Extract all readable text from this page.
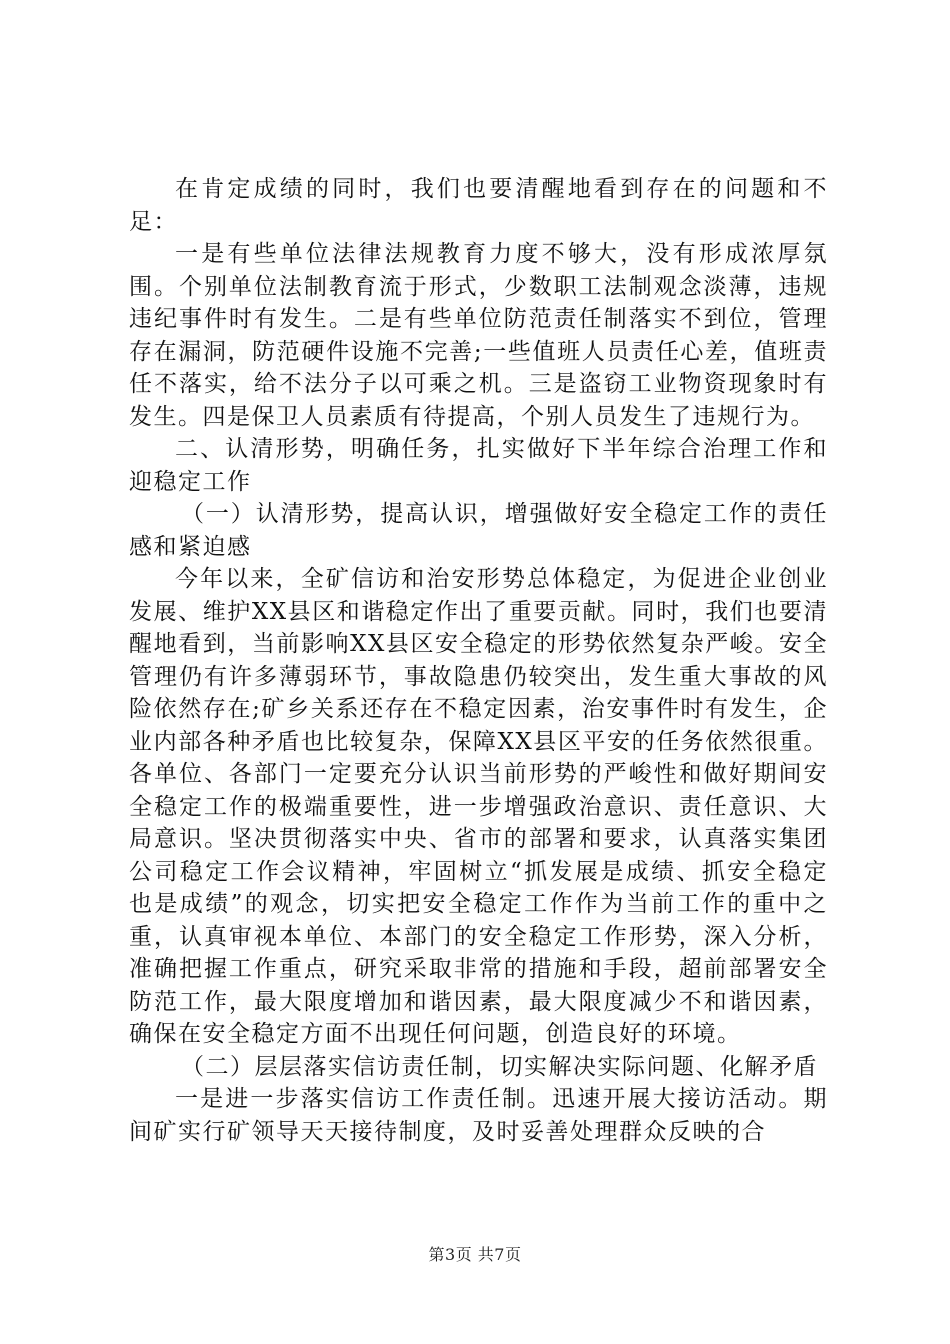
在肯定成绩的同时，我们也要清醒地看到存在的问题和不足：

一是有些单位法律法规教育力度不够大，没有形成浓厚氛围。个别单位法制教育流于形式，少数职工法制观念淡薄，违规违纪事件时有发生。二是有些单位防范责任制落实不到位，管理存在漏洞，防范硬件设施不完善;一些值班人员责任心差，值班责任不落实，给不法分子以可乘之机。三是盗窃工业物资现象时有发生。四是保卫人员素质有待提高，个别人员发生了违规行为。

二、认清形势，明确任务，扎实做好下半年综合治理工作和迎稳定工作

（一）认清形势，提高认识，增强做好安全稳定工作的责任感和紧迫感

今年以来，全矿信访和治安形势总体稳定，为促进企业创业发展、维护XX县区和谐稳定作出了重要贡献。同时，我们也要清醒地看到，当前影响XX县区安全稳定的形势依然复杂严峻。安全管理仍有许多薄弱环节，事故隐患仍较突出，发生重大事故的风险依然存在;矿乡关系还存在不稳定因素，治安事件时有发生，企业内部各种矛盾也比较复杂，保障XX县区平安的任务依然很重。各单位、各部门一定要充分认识当前形势的严峻性和做好期间安全稳定工作的极端重要性，进一步增强政治意识、责任意识、大局意识。坚决贯彻落实中央、省市的部署和要求，认真落实集团公司稳定工作会议精神，牢固树立“抓发展是成绩、抓安全稳定也是成绩”的观念，切实把安全稳定工作作为当前工作的重中之重，认真审视本单位、本部门的安全稳定工作形势，深入分析，准确把握工作重点，研究采取非常的措施和手段，超前部署安全防范工作，最大限度增加和谐因素，最大限度减少不和谐因素，确保在安全稳定方面不出现任何问题，创造良好的环境。

（二）层层落实信访责任制，切实解决实际问题、化解矛盾

一是进一步落实信访工作责任制。迅速开展大接访活动。期间矿实行矿领导天天接待制度，及时妥善处理群众反映的合

第3页 共7页
